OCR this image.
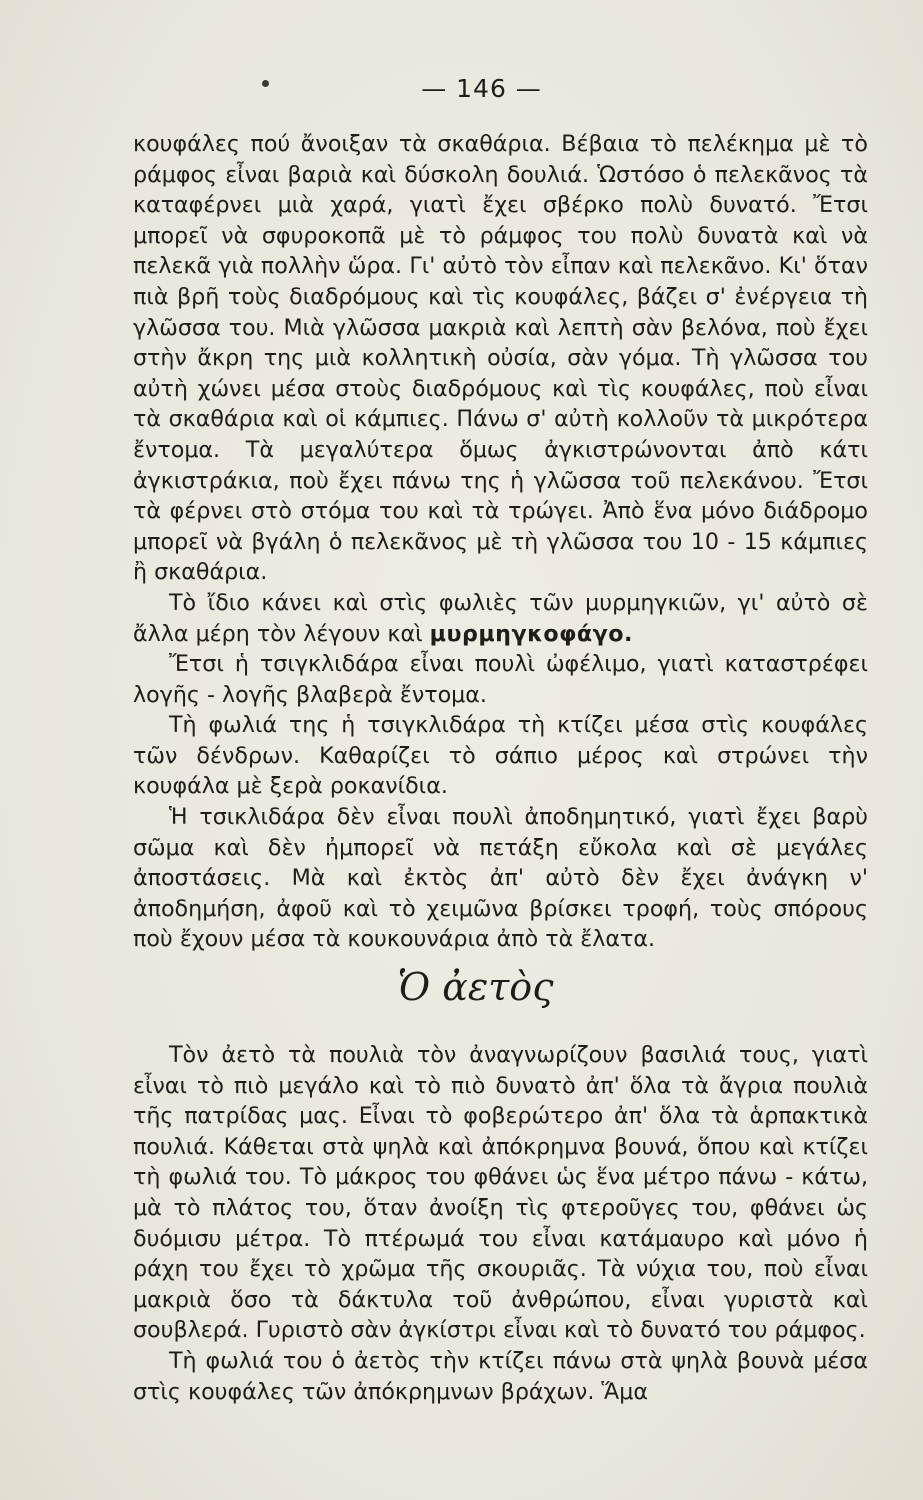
— 146 —

κουφάλες πού ἄνοιξαν τὰ σκαθάρια. Βέβαια τὸ πελέκημα μὲ τὸ ράμφος εἶναι βαριὰ καὶ δύσκολη δουλιά. Ὡστόσο ὁ πελεκᾶνος τὰ καταφέρνει μιὰ χαρά, γιατὶ ἔχει σβέρκο πολὺ δυνατό. Ἔτσι μπορεῖ νὰ σφυροκοπᾶ μὲ τὸ ράμφος του πολὺ δυνατὰ καὶ νὰ πελεκᾶ γιὰ πολλὴν ὥρα. Γι' αὐτὸ τὸν εἶπαν καὶ πελεκᾶνο. Κι' ὅταν πιὰ βρῆ τοὺς διαδρόμους καὶ τὶς κουφάλες, βάζει σ' ἐνέργεια τὴ γλῶσσα του. Μιὰ γλῶσσα μακριὰ καὶ λεπτὴ σὰν βελόνα, ποὺ ἔχει στὴν ἄκρη της μιὰ κολλητικὴ οὐσία, σὰν γόμα. Τὴ γλῶσσα του αὐτὴ χώνει μέσα στοὺς διαδρόμους καὶ τὶς κουφάλες, ποὺ εἶναι τὰ σκαθάρια καὶ οἱ κάμπιες. Πάνω σ' αὐτὴ κολλοῦν τὰ μικρότερα ἔντομα. Τὰ μεγαλύτερα ὅμως ἀγκιστρώνονται ἀπὸ κάτι ἀγκιστράκια, ποὺ ἔχει πάνω της ἡ γλῶσσα τοῦ πελεκάνου. Ἔτσι τὰ φέρνει στὸ στόμα του καὶ τὰ τρώγει. Ἀπὸ ἕνα μόνο διάδρομο μπορεῖ νὰ βγάλη ὁ πελεκᾶνος μὲ τὴ γλῶσσα του 10 - 15 κάμπιες ἢ σκαθάρια.

Τὸ ἴδιο κάνει καὶ στὶς φωλιὲς τῶν μυρμηγκιῶν, γι' αὐτὸ σὲ ἄλλα μέρη τὸν λέγουν καὶ μυρμηγκοφάγο.

Ἔτσι ἡ τσιγκλιδάρα εἶναι πουλὶ ὠφέλιμο, γιατὶ καταστρέφει λογῆς - λογῆς βλαβερὰ ἔντομα.

Τὴ φωλιά της ἡ τσιγκλιδάρα τὴ κτίζει μέσα στὶς κουφάλες τῶν δένδρων. Καθαρίζει τὸ σάπιο μέρος καὶ στρώνει τὴν κουφάλα μὲ ξερὰ ροκανίδια.

Ἡ τσικλιδάρα δὲν εἶναι πουλὶ ἀποδημητικό, γιατὶ ἔχει βαρὺ σῶμα καὶ δὲν ἠμπορεῖ νὰ πετάξη εὔκολα καὶ σὲ μεγάλες ἀποστάσεις. Μὰ καὶ ἐκτὸς ἀπ' αὐτὸ δὲν ἔχει ἀνάγκη ν' ἀποδημήση, ἀφοῦ καὶ τὸ χειμῶνα βρίσκει τροφή, τοὺς σπόρους ποὺ ἔχουν μέσα τὰ κουκουνάρια ἀπὸ τὰ ἔλατα.

Ὁ ἀετὸς

Τὸν ἀετὸ τὰ πουλιὰ τὸν ἀναγνωρίζουν βασιλιά τους, γιατὶ εἶναι τὸ πιὸ μεγάλο καὶ τὸ πιὸ δυνατὸ ἀπ' ὅλα τὰ ἄγρια πουλιὰ τῆς πατρίδας μας. Εἶναι τὸ φοβερώτερο ἀπ' ὅλα τὰ ἁρπακτικὰ πουλιά. Κάθεται στὰ ψηλὰ καὶ ἀπόκρημνα βουνά, ὅπου καὶ κτίζει τὴ φωλιά του. Τὸ μάκρος του φθάνει ὡς ἕνα μέτρο πάνω - κάτω, μὰ τὸ πλάτος του, ὅταν ἀνοίξη τὶς φτεροῦγες του, φθάνει ὡς δυόμισυ μέτρα. Τὸ πτέρωμά του εἶναι κατάμαυρο καὶ μόνο ἡ ράχη του ἔχει τὸ χρῶμα τῆς σκουριᾶς. Τὰ νύχια του, ποὺ εἶναι μακριὰ ὅσο τὰ δάκτυλα τοῦ ἀνθρώπου, εἶναι γυριστὰ καὶ σουβλερά. Γυριστὸ σὰν ἀγκίστρι εἶναι καὶ τὸ δυνατό του ράμφος.

Τὴ φωλιά του ὁ ἀετὸς τὴν κτίζει πάνω στὰ ψηλὰ βουνὰ μέσα στὶς κουφάλες τῶν ἀπόκρημνων βράχων. Ἅμα
